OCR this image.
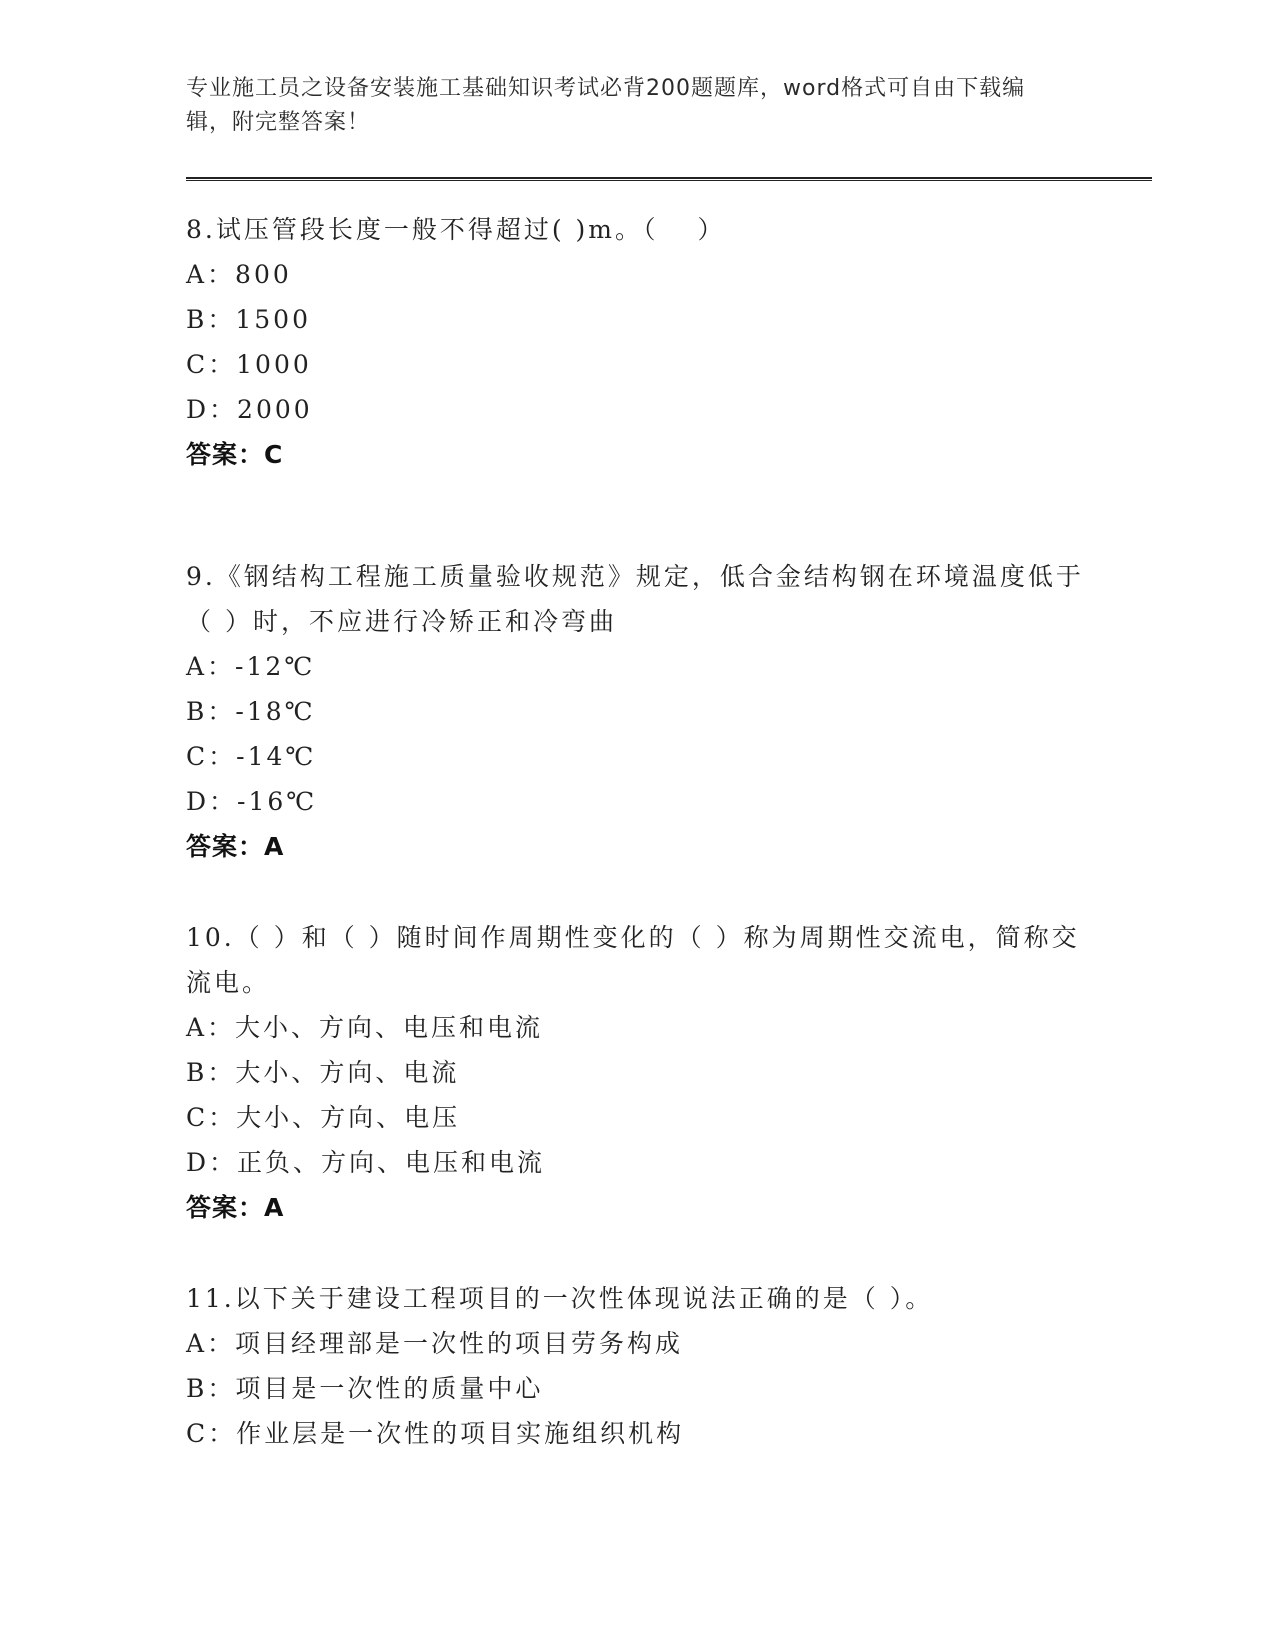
专业施工员之设备安装施工基础知识考试必背200题题库，word格式可自由下载编辑，附完整答案！

8.试压管段长度一般不得超过( )m。（　 ）

A：800

B：1500

C：1000

D：2000

答案：C

9.《钢结构工程施工质量验收规范》规定，低合金结构钢在环境温度低于（ ）时，不应进行冷矫正和冷弯曲

A：-12℃

B：-18℃

C：-14℃

D：-16℃

答案：A

10.（ ）和（ ）随时间作周期性变化的（ ）称为周期性交流电，简称交流电。

A：大小、方向、电压和电流

B：大小、方向、电流

C：大小、方向、电压

D：正负、方向、电压和电流

答案：A

11.以下关于建设工程项目的一次性体现说法正确的是（ ）。

A：项目经理部是一次性的项目劳务构成

B：项目是一次性的质量中心

C：作业层是一次性的项目实施组织机构
